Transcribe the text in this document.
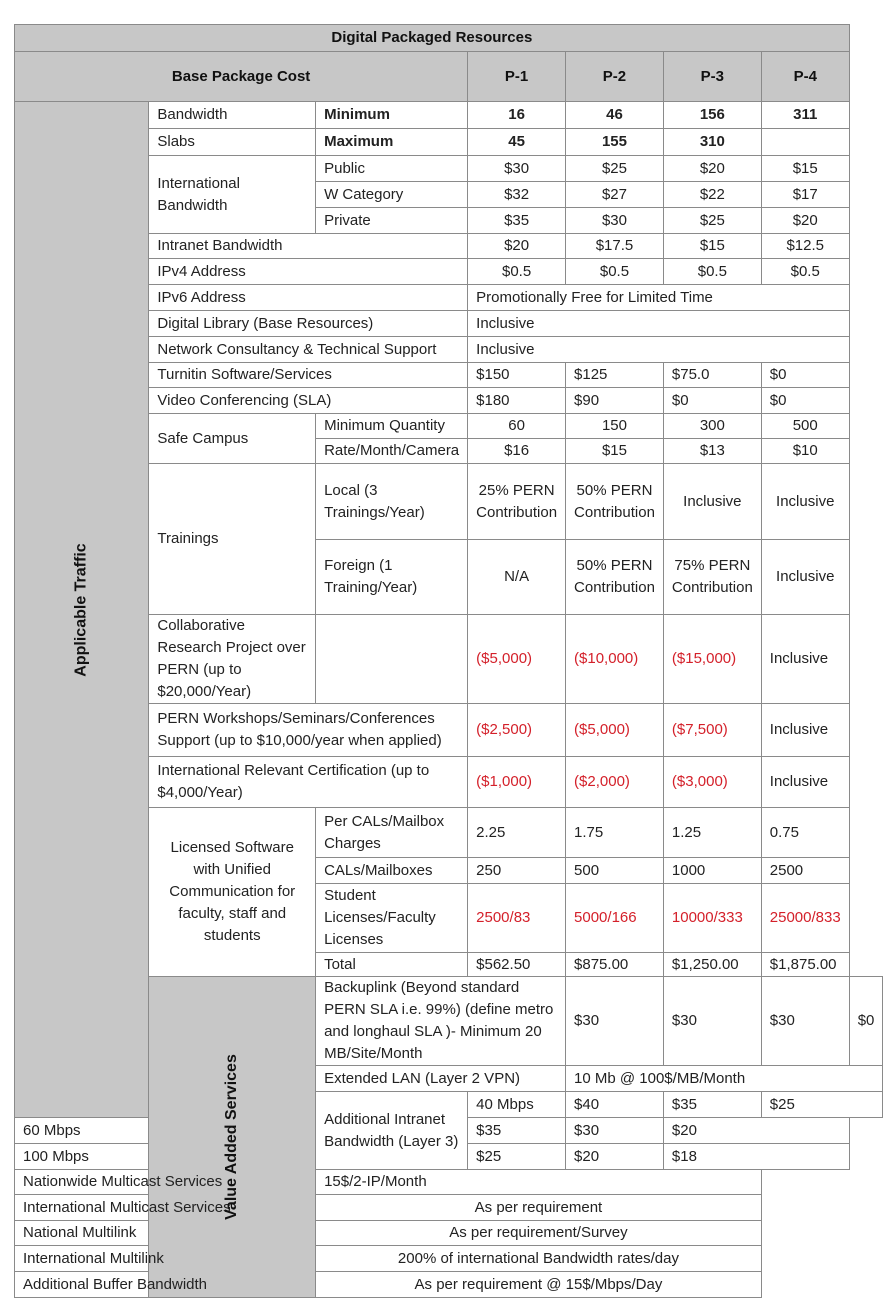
Digital Packaged Resources							
Base Package Cost			P-1	P-2	P-3	P-4	
Applicable Traffic	Bandwidth	Minimum	16	46	156	311	
	Slabs	Maximum	45	155	310		
	International Bandwidth	Public	$30	$25	$20	$15	
		W Category	$32	$27	$22	$17	
		Private	$35	$30	$25	$20	
	Intranet Bandwidth		$20	$17.5	$15	$12.5	
	IPv4 Address		$0.5	$0.5	$0.5	$0.5	
	IPv6 Address		Promotionally Free for Limited Time				
	Digital Library (Base Resources)		Inclusive				
	Network Consultancy & Technical Support		Inclusive				
	Turnitin Software/Services		$150	$125	$75.0	$0	
	Video Conferencing (SLA)		$180	$90	$0	$0	
	Safe Campus	Minimum Quantity	60	150	300	500	
		Rate/Month/Camera	$16	$15	$13	$10	
	Trainings	Local (3 Trainings/Year)	25% PERN Contribution	50% PERN Contribution	Inclusive	Inclusive	
		Foreign (1 Training/Year)	N/A	50% PERN Contribution	75% PERN Contribution	Inclusive	
	Collaborative Research Project over PERN (up to $20,000/Year)		($5,000)	($10,000)	($15,000)	Inclusive	
	PERN Workshops/Seminars/Conferences Support (up to $10,000/year when applied)		($2,500)	($5,000)	($7,500)	Inclusive	
	International Relevant Certification (up to $4,000/Year)		($1,000)	($2,000)	($3,000)	Inclusive	
	Licensed Software with Unified Communication for faculty, staff and students	Per CALs/Mailbox Charges	2.25	1.75	1.25	0.75	
		CALs/Mailboxes	250	500	1000	2500	
		Student Licenses/Faculty Licenses	2500/83	5000/166	10000/333	25000/833	
		Total	$562.50	$875.00	$1,250.00	$1,875.00	
	Value Added Services	Backuplink (Beyond standard PERN SLA i.e. 99%) (define metro and longhaul SLA )- Minimum 20 MB/Site/Month		$30	$30	$30	$0
		Extended LAN (Layer 2 VPN)		10 Mb @ 100$/MB/Month			
		Additional Intranet Bandwidth (Layer 3)	40 Mbps	$40	$35	$25	
60 Mbps			$35	$30	$20		
100 Mbps			$25	$20	$18		
Nationwide Multicast Services		15$/2-IP/Month					
International Multicast Services		As per requirement					
National Multilink		As per requirement/Survey					
International Multilink		200% of international Bandwidth rates/day					
Additional Buffer Bandwidth		As per requirement @ 15$/Mbps/Day					
